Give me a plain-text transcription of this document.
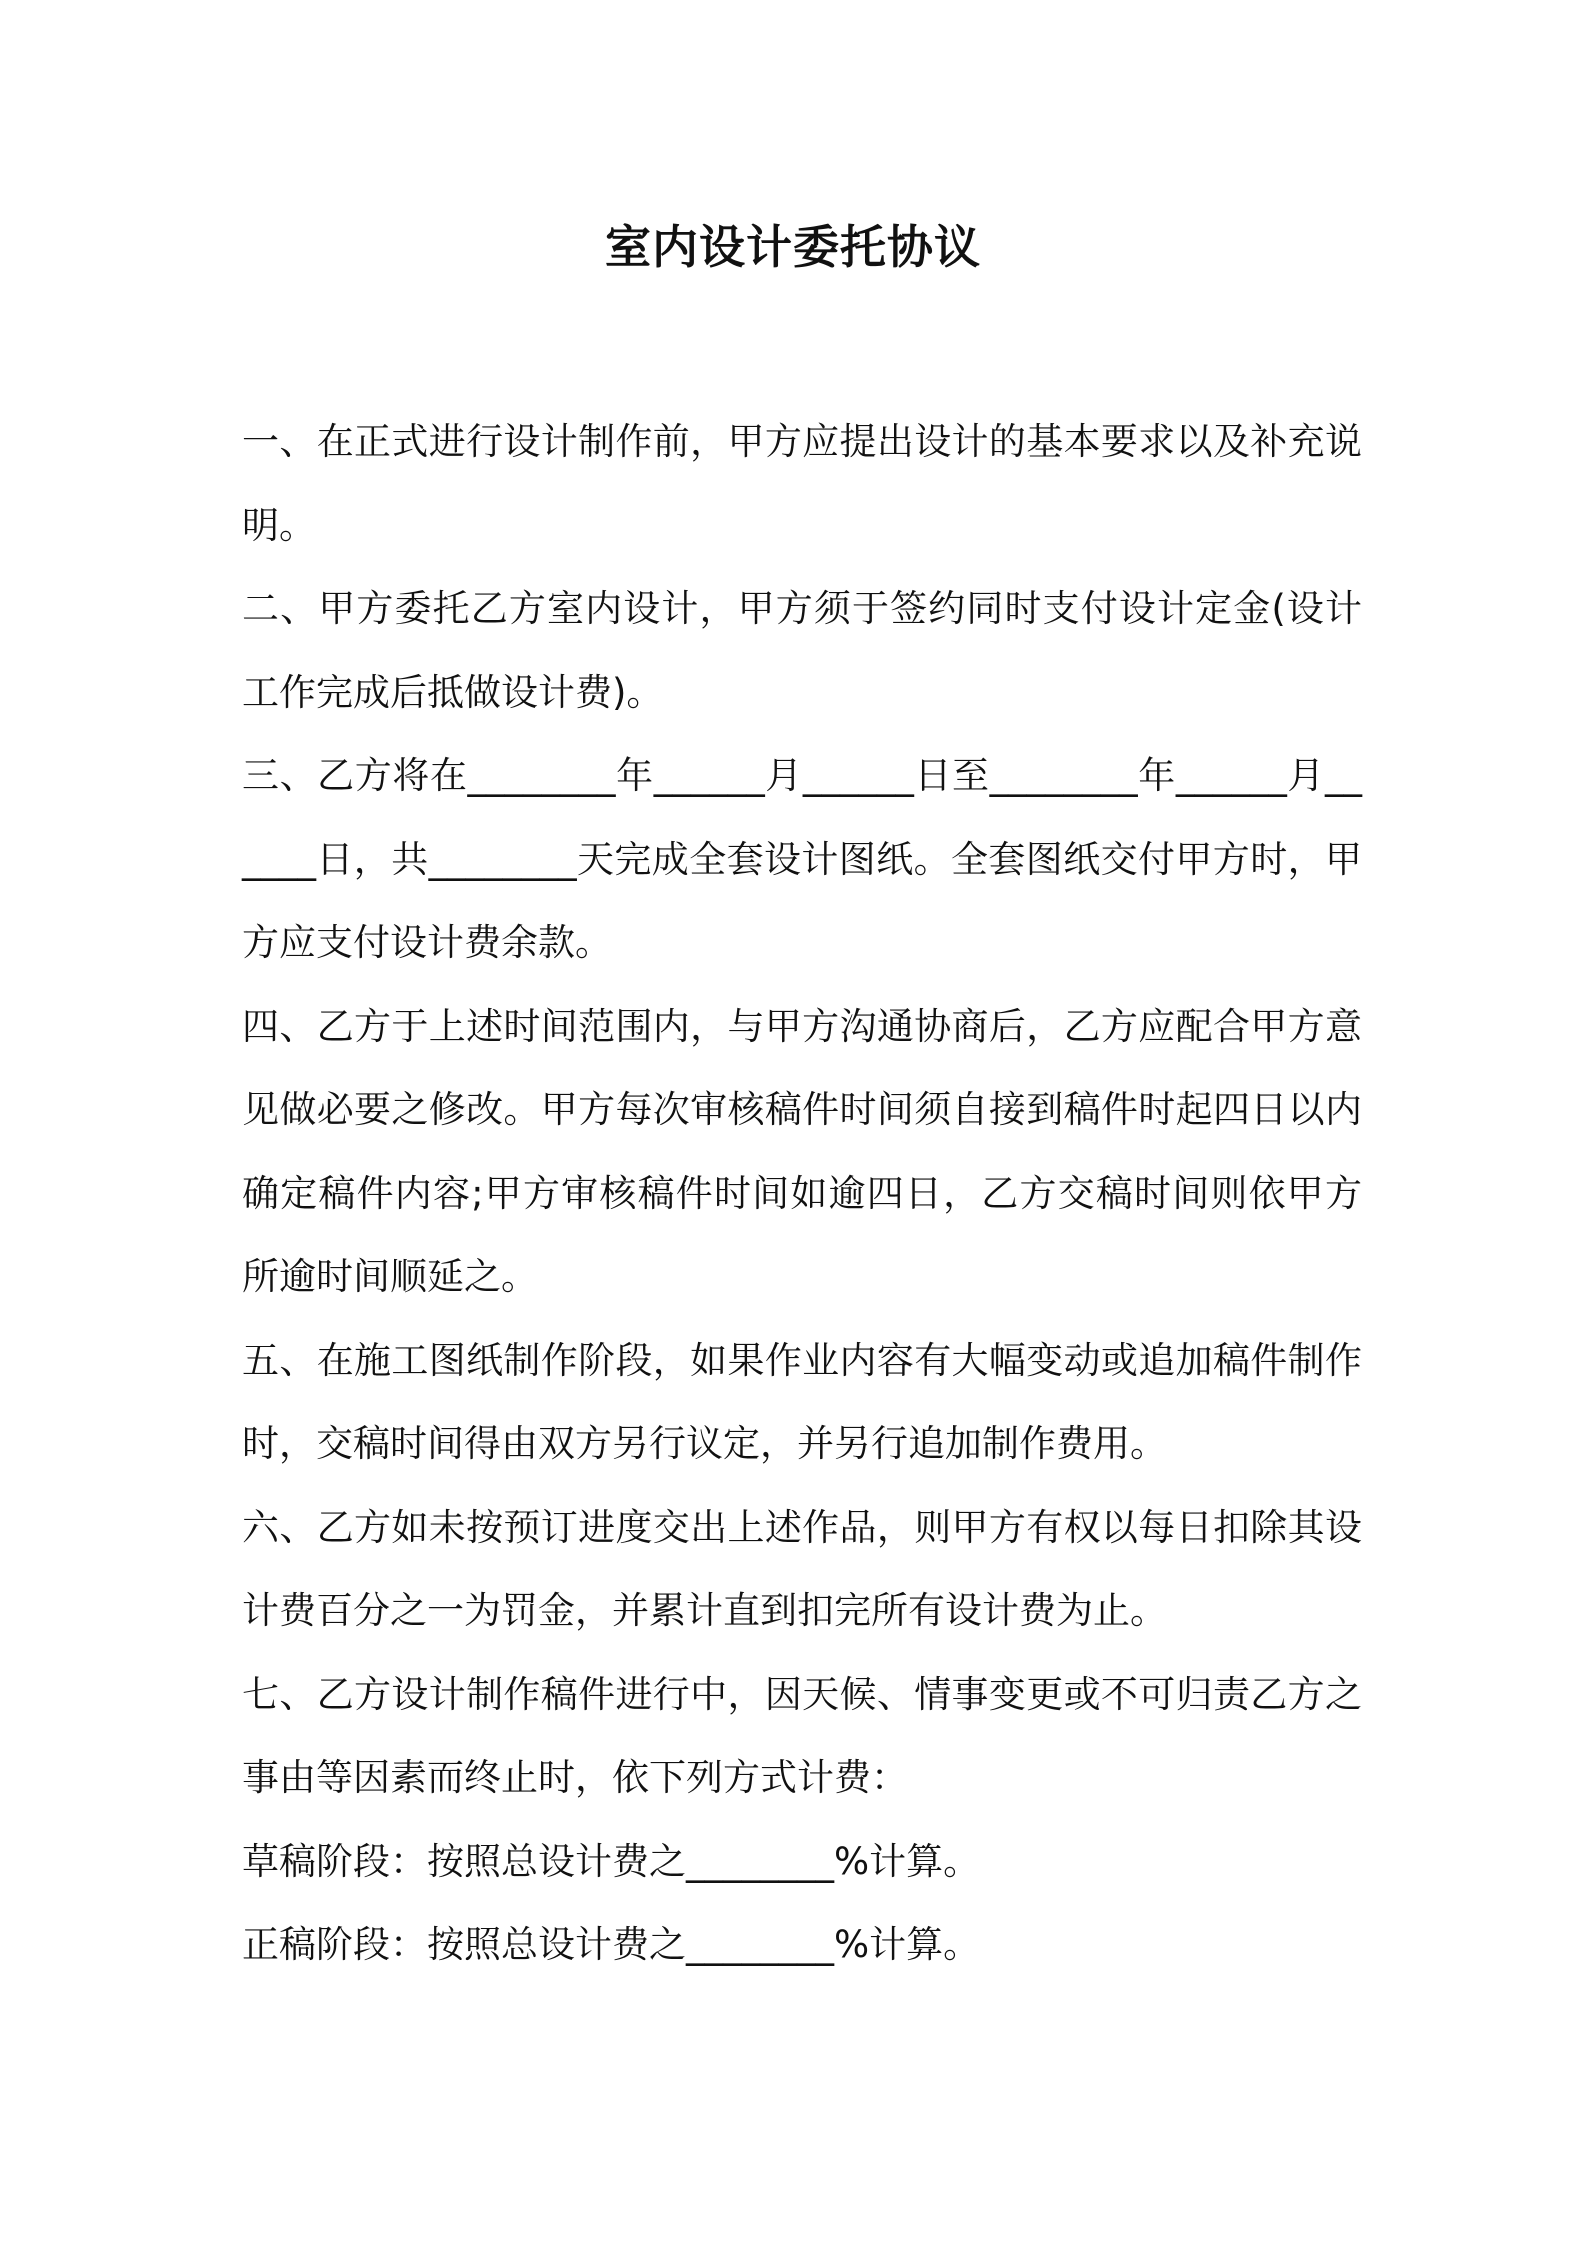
室内设计委托协议

一、在正式进行设计制作前，甲方应提出设计的基本要求以及补充说明。

二、甲方委托乙方室内设计，甲方须于签约同时支付设计定金(设计工作完成后抵做设计费)。

三、乙方将在________年______月______日至________年______月______日，共________天完成全套设计图纸。全套图纸交付甲方时，甲方应支付设计费余款。

四、乙方于上述时间范围内，与甲方沟通协商后，乙方应配合甲方意见做必要之修改。甲方每次审核稿件时间须自接到稿件时起四日以内确定稿件内容;甲方审核稿件时间如逾四日，乙方交稿时间则依甲方所逾时间顺延之。

五、在施工图纸制作阶段，如果作业内容有大幅变动或追加稿件制作时，交稿时间得由双方另行议定，并另行追加制作费用。

六、乙方如未按预订进度交出上述作品，则甲方有权以每日扣除其设计费百分之一为罚金，并累计直到扣完所有设计费为止。

七、乙方设计制作稿件进行中，因天候、情事变更或不可归责乙方之事由等因素而终止时，依下列方式计费：

草稿阶段：按照总设计费之________%计算。

正稿阶段：按照总设计费之________%计算。
